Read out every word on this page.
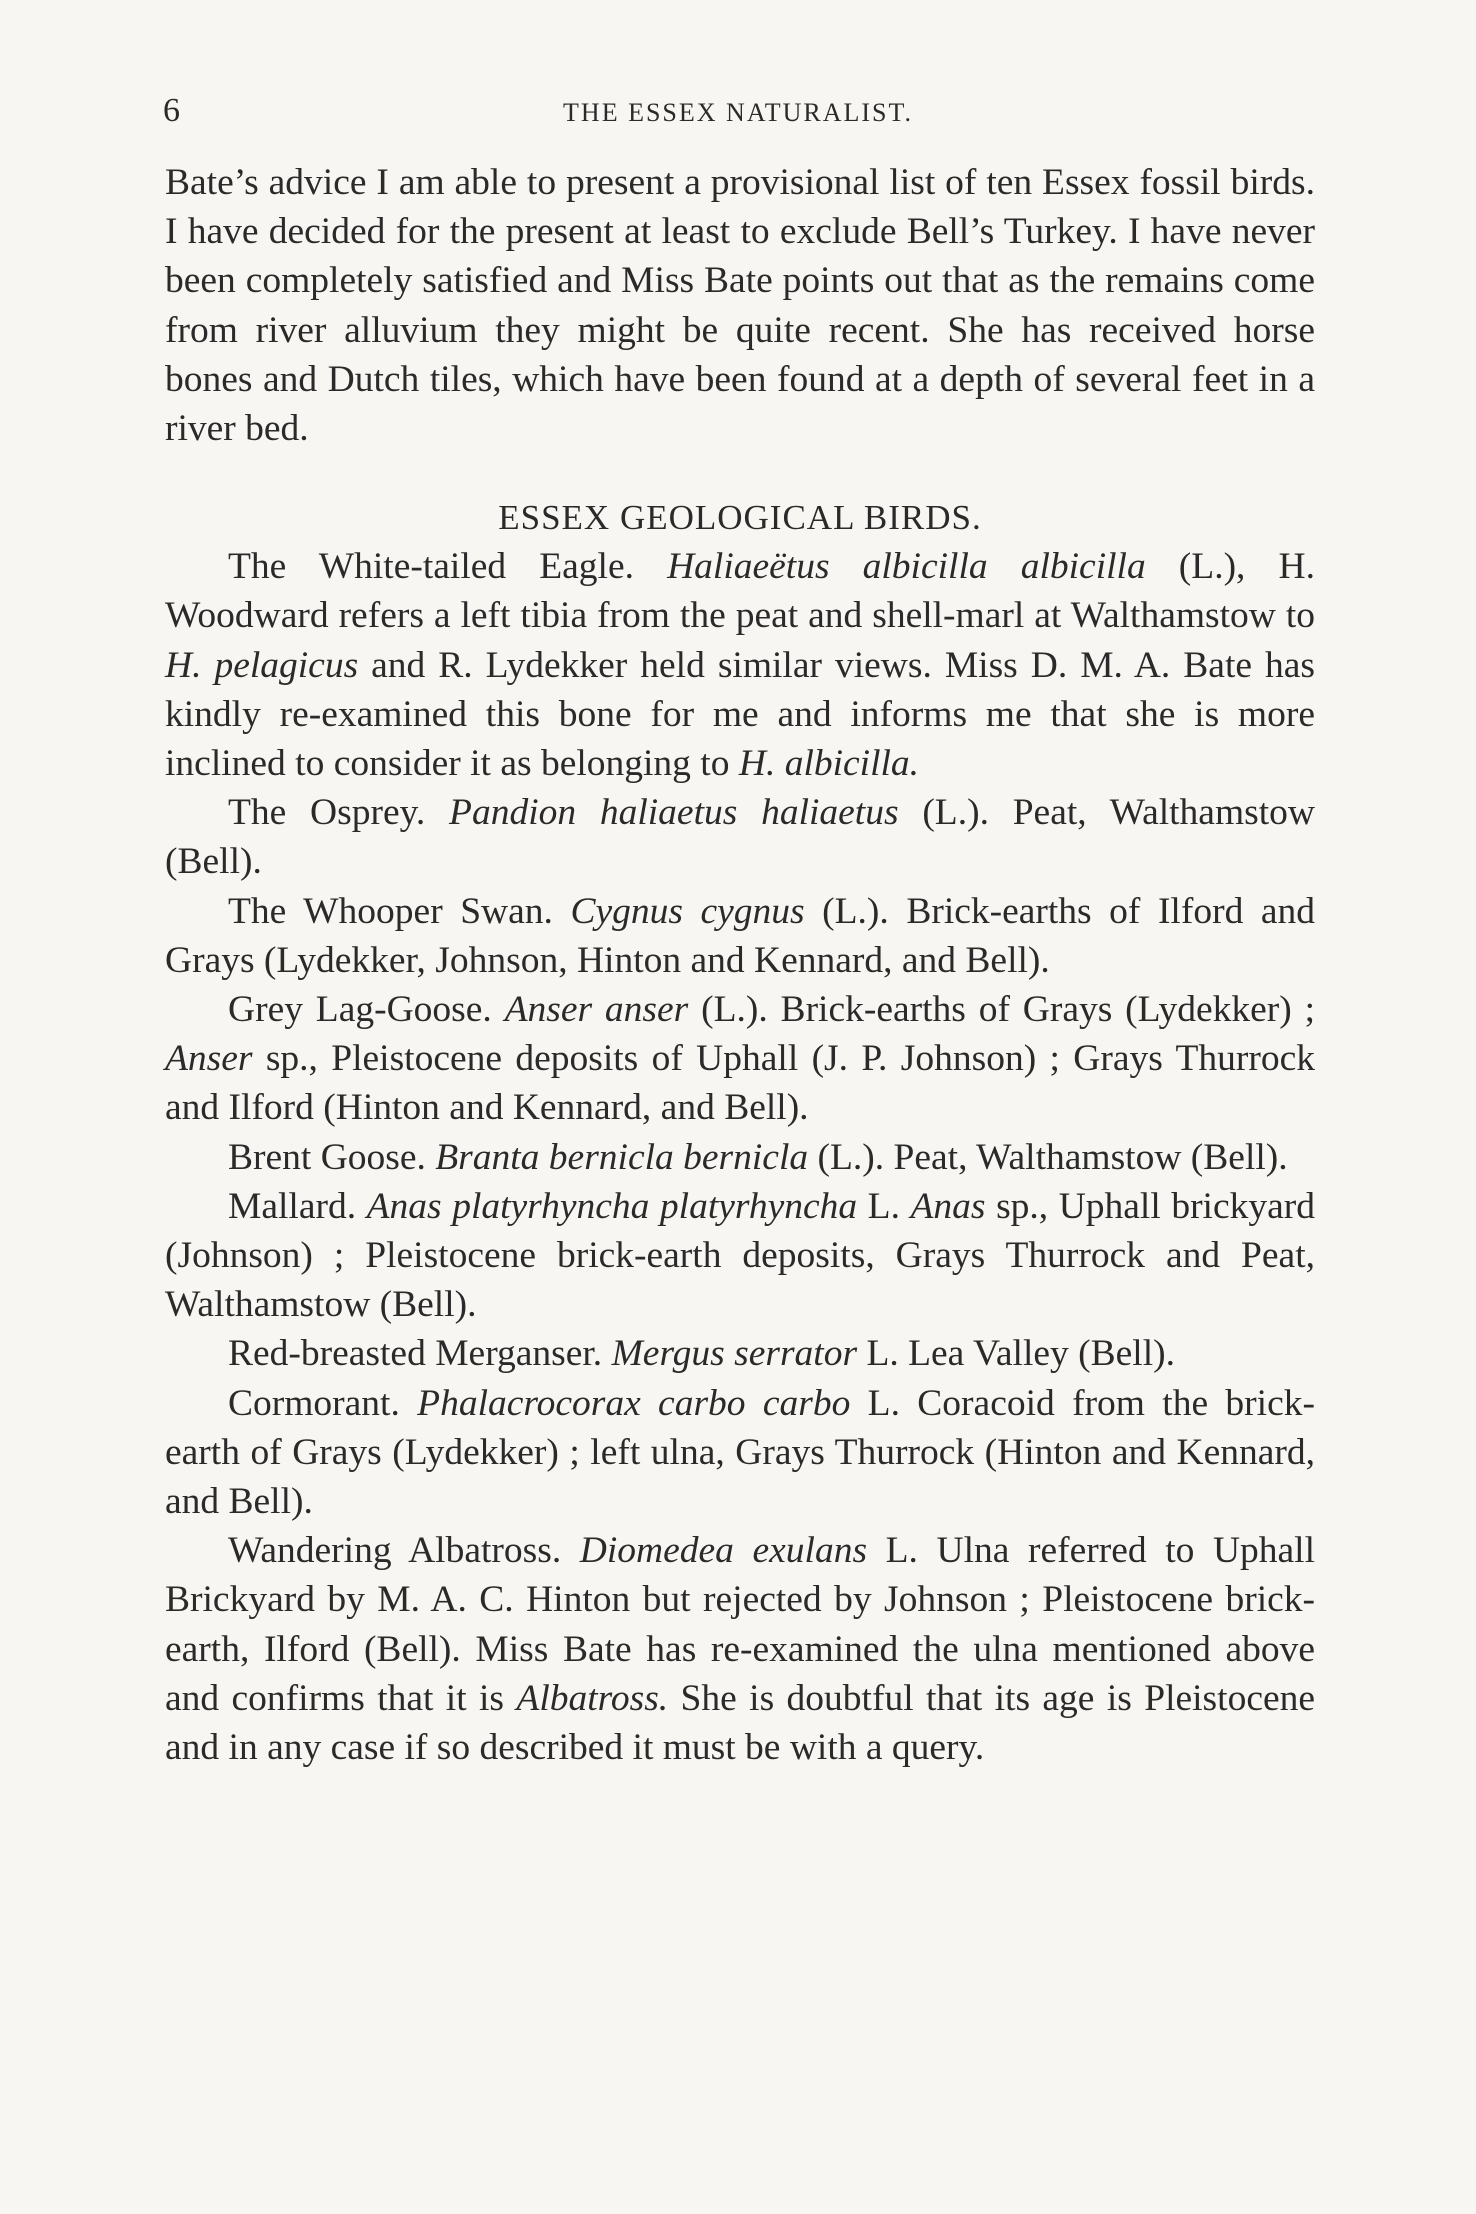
6	THE ESSEX NATURALIST.

Bate’s advice I am able to present a provisional list of ten Essex fossil birds. I have decided for the present at least to exclude Bell’s Turkey. I have never been completely satisfied and Miss Bate points out that as the remains come from river alluvium they might be quite recent. She has received horse bones and Dutch tiles, which have been found at a depth of several feet in a river bed.

ESSEX GEOLOGICAL BIRDS.

The White-tailed Eagle. Haliaeëtus albicilla albicilla (L.), H. Woodward refers a left tibia from the peat and shell-marl at Walthamstow to H. pelagicus and R. Lydekker held similar views. Miss D. M. A. Bate has kindly re-examined this bone for me and informs me that she is more inclined to consider it as belonging to H. albicilla.

The Osprey. Pandion haliaetus haliaetus (L.). Peat, Walthamstow (Bell).

The Whooper Swan. Cygnus cygnus (L.). Brick-earths of Ilford and Grays (Lydekker, Johnson, Hinton and Kennard, and Bell).

Grey Lag-Goose. Anser anser (L.). Brick-earths of Grays (Lydekker) ; Anser sp., Pleistocene deposits of Uphall (J. P. Johnson) ; Grays Thurrock and Ilford (Hinton and Kennard, and Bell).

Brent Goose. Branta bernicla bernicla (L.). Peat, Walthamstow (Bell).

Mallard. Anas platyrhyncha platyrhyncha L. Anas sp., Uphall brickyard (Johnson) ; Pleistocene brick-earth deposits, Grays Thurrock and Peat, Walthamstow (Bell).

Red-breasted Merganser. Mergus serrator L. Lea Valley (Bell).

Cormorant. Phalacrocorax carbo carbo L. Coracoid from the brick-earth of Grays (Lydekker) ; left ulna, Grays Thurrock (Hinton and Kennard, and Bell).

Wandering Albatross. Diomedea exulans L. Ulna referred to Uphall Brickyard by M. A. C. Hinton but rejected by Johnson ; Pleistocene brick-earth, Ilford (Bell). Miss Bate has re-examined the ulna mentioned above and confirms that it is Albatross. She is doubtful that its age is Pleistocene and in any case if so described it must be with a query.
